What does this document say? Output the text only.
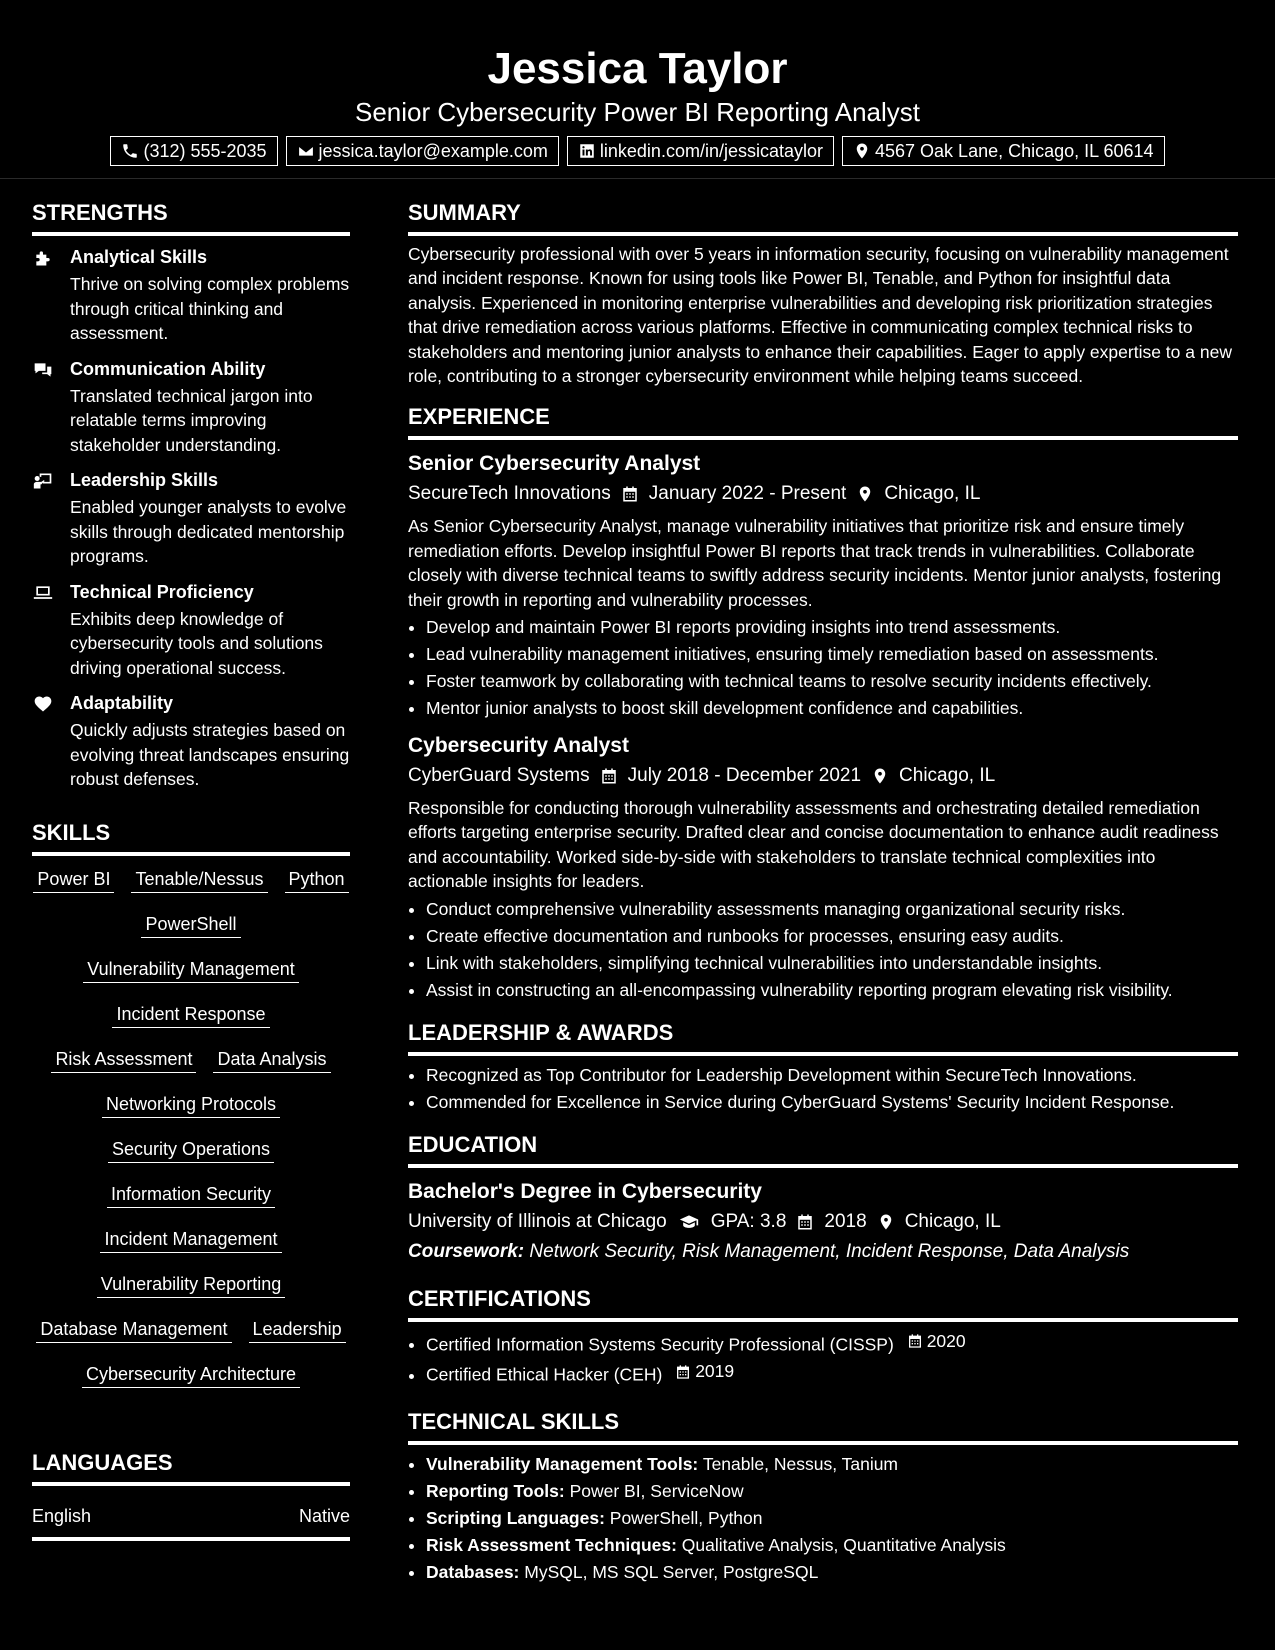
Jessica Taylor
Senior Cybersecurity Power BI Reporting Analyst
(312) 555-2035	jessica.taylor@example.com	linkedin.com/in/jessicataylor	4567 Oak Lane, Chicago, IL 60614
STRENGTHS
Analytical Skills
Thrive on solving complex problems through critical thinking and assessment.
Communication Ability
Translated technical jargon into relatable terms improving stakeholder understanding.
Leadership Skills
Enabled younger analysts to evolve skills through dedicated mentorship programs.
Technical Proficiency
Exhibits deep knowledge of cybersecurity tools and solutions driving operational success.
Adaptability
Quickly adjusts strategies based on evolving threat landscapes ensuring robust defenses.
SKILLS
Power BI Tenable/Nessus Python
PowerShell
Vulnerability Management
Incident Response
Risk Assessment Data Analysis
Networking Protocols
Security Operations
Information Security
Incident Management
Vulnerability Reporting
Database Management Leadership
Cybersecurity Architecture
LANGUAGES
English	Native
SUMMARY
Cybersecurity professional with over 5 years in information security, focusing on vulnerability management and incident response. Known for using tools like Power BI, Tenable, and Python for insightful data analysis. Experienced in monitoring enterprise vulnerabilities and developing risk prioritization strategies that drive remediation across various platforms. Effective in communicating complex technical risks to stakeholders and mentoring junior analysts to enhance their capabilities. Eager to apply expertise to a new role, contributing to a stronger cybersecurity environment while helping teams succeed.
EXPERIENCE
Senior Cybersecurity Analyst
SecureTech Innovations January 2022 - Present Chicago, IL
As Senior Cybersecurity Analyst, manage vulnerability initiatives that prioritize risk and ensure timely remediation efforts. Develop insightful Power BI reports that track trends in vulnerabilities. Collaborate closely with diverse technical teams to swiftly address security incidents. Mentor junior analysts, fostering their growth in reporting and vulnerability processes.
• Develop and maintain Power BI reports providing insights into trend assessments.
• Lead vulnerability management initiatives, ensuring timely remediation based on assessments.
• Foster teamwork by collaborating with technical teams to resolve security incidents effectively.
• Mentor junior analysts to boost skill development confidence and capabilities.
Cybersecurity Analyst
CyberGuard Systems July 2018 - December 2021 Chicago, IL
Responsible for conducting thorough vulnerability assessments and orchestrating detailed remediation efforts targeting enterprise security. Drafted clear and concise documentation to enhance audit readiness and accountability. Worked side-by-side with stakeholders to translate technical complexities into actionable insights for leaders.
• Conduct comprehensive vulnerability assessments managing organizational security risks.
• Create effective documentation and runbooks for processes, ensuring easy audits.
• Link with stakeholders, simplifying technical vulnerabilities into understandable insights.
• Assist in constructing an all-encompassing vulnerability reporting program elevating risk visibility.
LEADERSHIP & AWARDS
• Recognized as Top Contributor for Leadership Development within SecureTech Innovations.
• Commended for Excellence in Service during CyberGuard Systems' Security Incident Response.
EDUCATION
Bachelor's Degree in Cybersecurity
University of Illinois at Chicago GPA: 3.8 2018 Chicago, IL
Coursework: Network Security, Risk Management, Incident Response, Data Analysis
CERTIFICATIONS
• Certified Information Systems Security Professional (CISSP) 2020
• Certified Ethical Hacker (CEH) 2019
TECHNICAL SKILLS
• Vulnerability Management Tools: Tenable, Nessus, Tanium
• Reporting Tools: Power BI, ServiceNow
• Scripting Languages: PowerShell, Python
• Risk Assessment Techniques: Qualitative Analysis, Quantitative Analysis
• Databases: MySQL, MS SQL Server, PostgreSQL
